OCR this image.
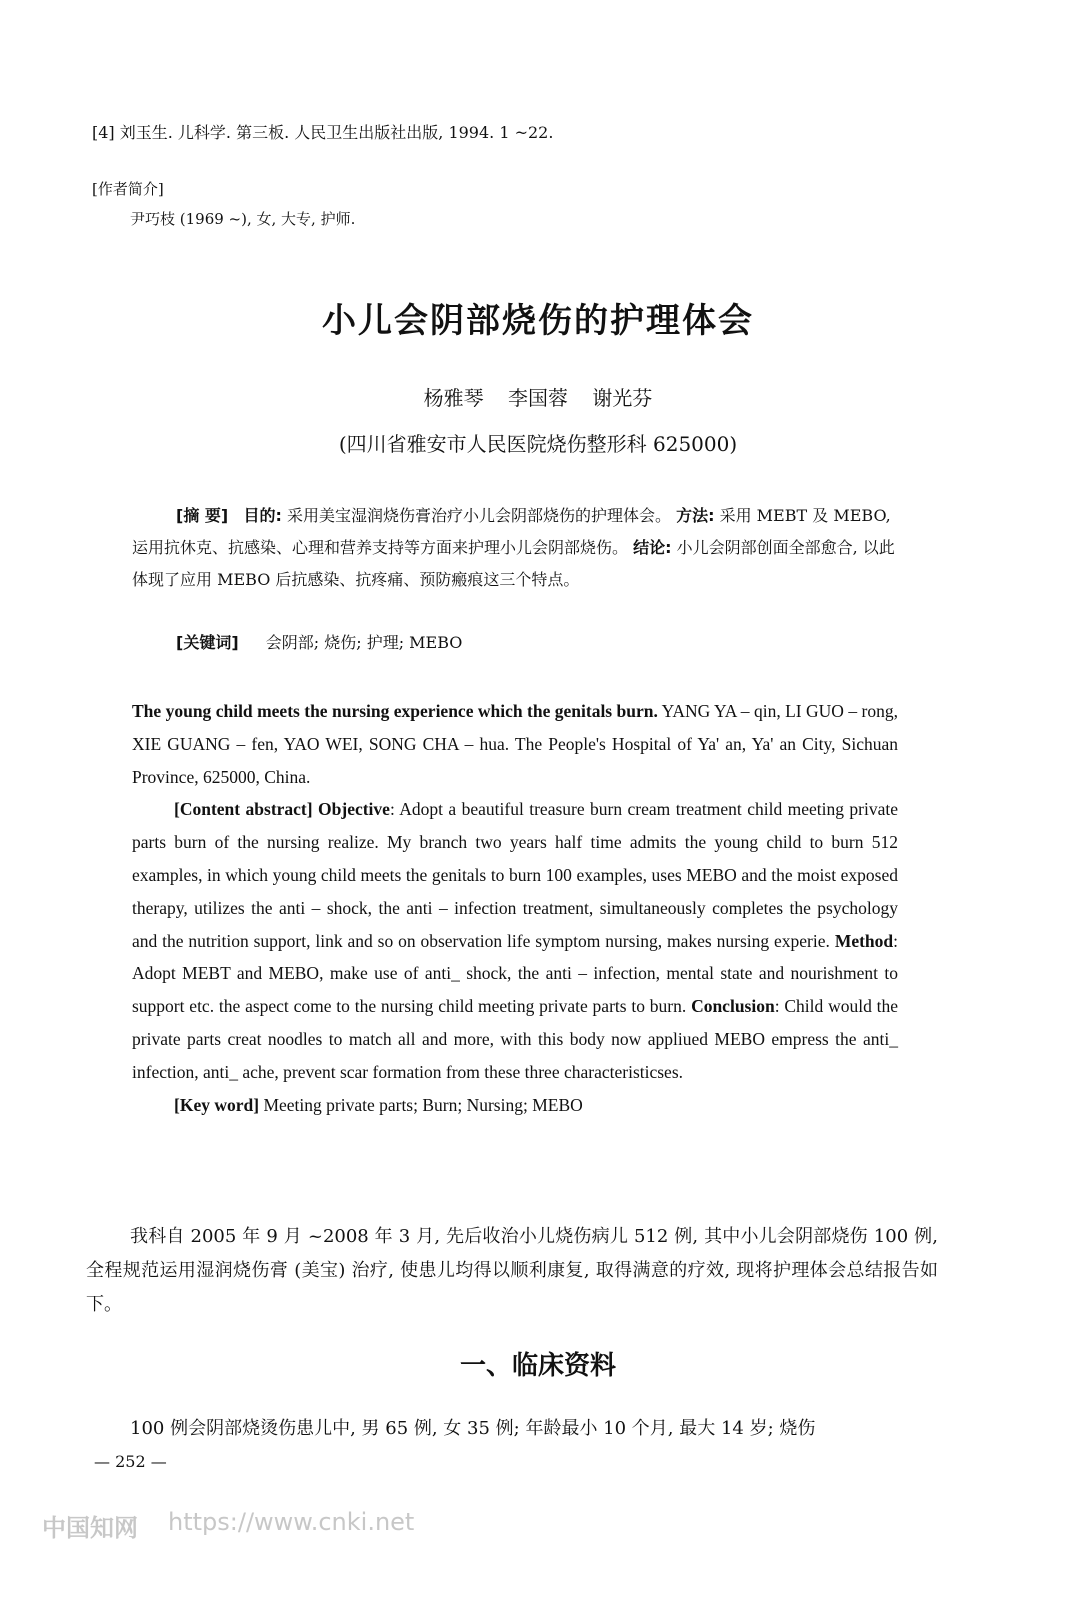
[4] 刘玉生. 儿科学. 第三板. 人民卫生出版社出版, 1994. 1 ~22.
[作者简介]
尹巧枝 (1969 ~), 女, 大专, 护师.
小儿会阴部烧伤的护理体会
杨雅琴 李国蓉 谢光芬
(四川省雅安市人民医院烧伤整形科 625000)
[摘 要] 目的: 采用美宝湿润烧伤膏治疗小儿会阴部烧伤的护理体会。 方法: 采用 MEBT 及 MEBO, 运用抗休克、抗感染、心理和营养支持等方面来护理小儿会阴部烧伤。 结论: 小儿会阴部创面全部愈合, 以此体现了应用 MEBO 后抗感染、抗疼痛、预防瘢痕这三个特点。
[关键词] 会阴部; 烧伤; 护理; MEBO
The young child meets the nursing experience which the genitals burn. YANG YA – qin, LI GUO – rong, XIE GUANG – fen, YAO WEI, SONG CHA – hua. The People's Hospital of Ya' an, Ya' an City, Sichuan Province, 625000, China.
[Content abstract] Objective: Adopt a beautiful treasure burn cream treatment child meeting private parts burn of the nursing realize. My branch two years half time admits the young child to burn 512 examples, in which young child meets the genitals to burn 100 examples, uses MEBO and the moist exposed therapy, utilizes the anti – shock, the anti – infection treatment, simultaneously completes the psychology and the nutrition support, link and so on observation life symptom nursing, makes nursing experie. Method: Adopt MEBT and MEBO, make use of anti_ shock, the anti – infection, mental state and nourishment to support etc. the aspect come to the nursing child meeting private parts to burn. Conclusion: Child would the private parts creat noodles to match all and more, with this body now appliued MEBO empress the anti_ infection, anti_ ache, prevent scar formation from these three characteristicses.
[Key word] Meeting private parts; Burn; Nursing; MEBO
我科自 2005 年 9 月 ~2008 年 3 月, 先后收治小儿烧伤病儿 512 例, 其中小儿会阴部烧伤 100 例, 全程规范运用湿润烧伤膏 (美宝) 治疗, 使患儿均得以顺利康复, 取得满意的疗效, 现将护理体会总结报告如下。
一、临床资料
100 例会阴部烧烫伤患儿中, 男 65 例, 女 35 例; 年龄最小 10 个月, 最大 14 岁; 烧伤
— 252 —
中国知网 https://www.cnki.net
